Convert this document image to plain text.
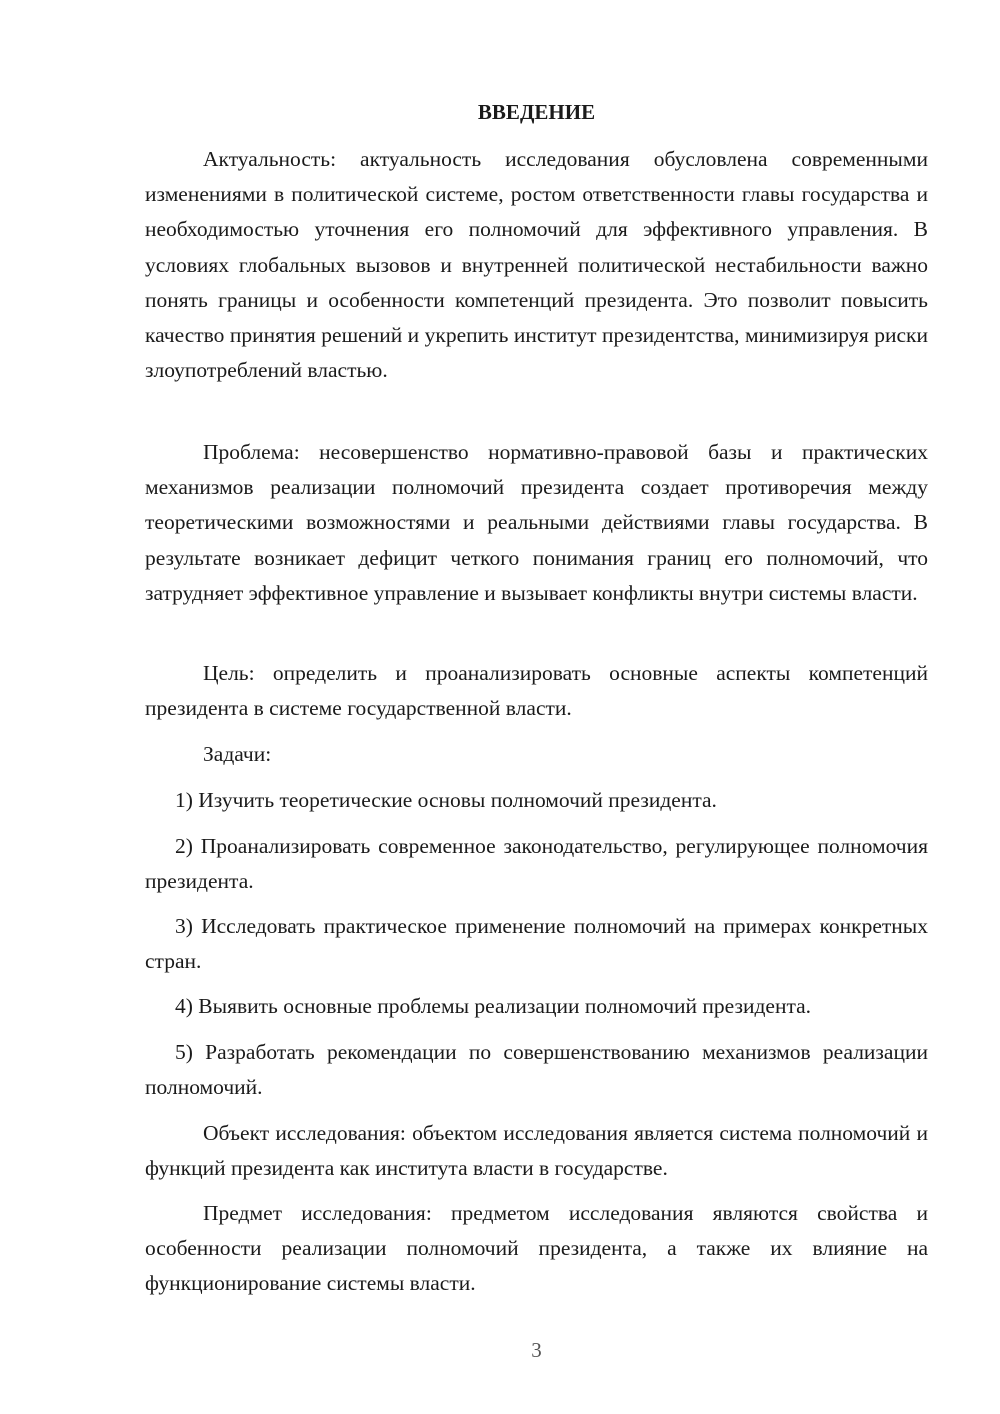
ВВЕДЕНИЕ

Актуальность: актуальность исследования обусловлена современными изменениями в политической системе, ростом ответственности главы государства и необходимостью уточнения его полномочий для эффективного управления. В условиях глобальных вызовов и внутренней политической нестабильности важно понять границы и особенности компетенций президента. Это позволит повысить качество принятия решений и укрепить институт президентства, минимизируя риски злоупотреблений властью.

Проблема: несовершенство нормативно-правовой базы и практических механизмов реализации полномочий президента создает противоречия между теоретическими возможностями и реальными действиями главы государства. В результате возникает дефицит четкого понимания границ его полномочий, что затрудняет эффективное управление и вызывает конфликты внутри системы власти.

Цель: определить и проанализировать основные аспекты компетенций президента в системе государственной власти.

Задачи:

1) Изучить теоретические основы полномочий президента.

2) Проанализировать современное законодательство, регулирующее полномочия президента.

3) Исследовать практическое применение полномочий на примерах конкретных стран.

4) Выявить основные проблемы реализации полномочий президента.

5) Разработать рекомендации по совершенствованию механизмов реализации полномочий.

Объект исследования: объектом исследования является система полномочий и функций президента как института власти в государстве.

Предмет исследования: предметом исследования являются свойства и особенности реализации полномочий президента, а также их влияние на функционирование системы власти.

3
